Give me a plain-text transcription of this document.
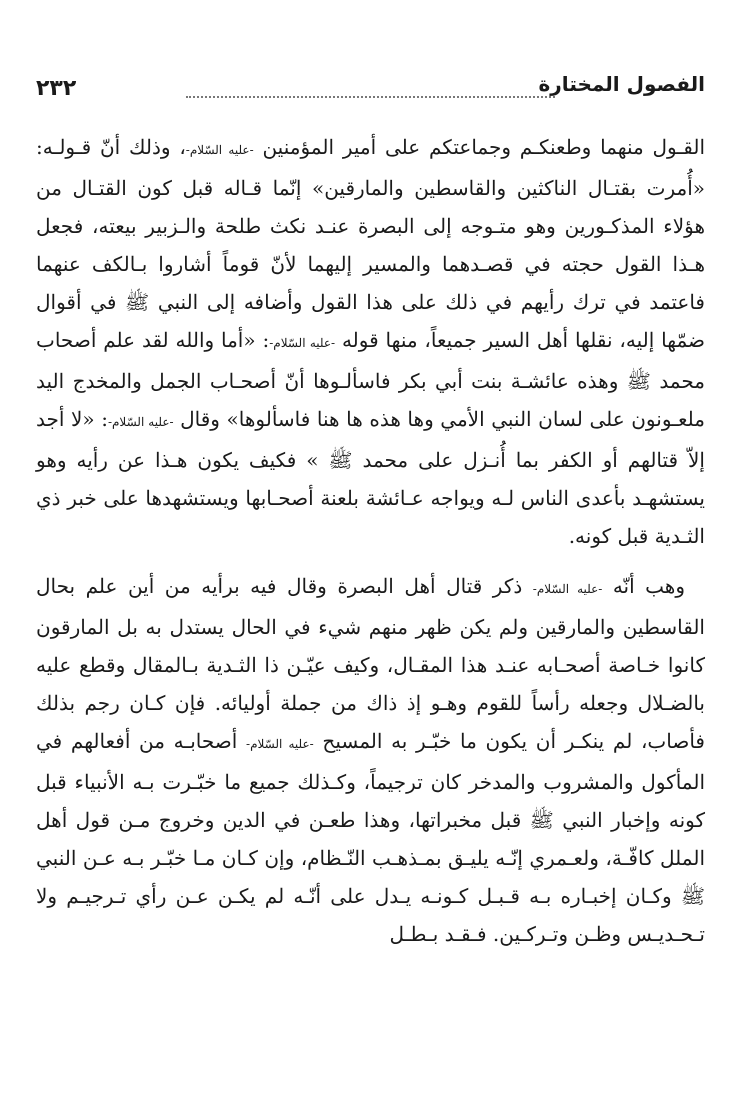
الفصول المختارة
٢٣٢

القـول منهما وطعنكـم وجماعتكم على أمير المؤمنين -عليه السّلام-، وذلك أنّ قـولـه: «أُمرت بقتـال الناكثين والقاسطين والمارقين» إنّما قـاله قبل كون القتـال من هؤلاء المذكـورين وهو متـوجه إلى البصرة عنـد نكث طلحة والـزبير بيعته، فجعل هـذا القول حجته في قصـدهما والمسير إليهما لأنّ قوماً أشاروا بـالكف عنهما فاعتمد في ترك رأيهم في ذلك على هذا القول وأضافه إلى النبي ﷺ في أقوال ضمّها إليه، نقلها أهل السير جميعاً، منها قوله -عليه السّلام-: «أما والله لقد علم أصحاب محمد ﷺ وهذه عائشـة بنت أبي بكر فاسألـوها أنّ أصحـاب الجمل والمخدج اليد ملعـونون على لسان النبي الأمي وها هذه ها هنا فاسألوها» وقال -عليه السّلام-: «لا أجد إلاّ قتالهم أو الكفر بما أُنـزل على محمد ﷺ » فكيف يكون هـذا عن رأيه وهو يستشهـد بأعدى الناس لـه ويواجه عـائشة بلعنة أصحـابها ويستشهدها على خبر ذي الثـدية قبل كونه.

وهب أنّه -عليه السّلام- ذكر قتال أهل البصرة وقال فيه برأيه من أين علم بحال القاسطين والمارقين ولم يكن ظهر منهم شيء في الحال يستدل به بل المارقون كانوا خـاصة أصحـابه عنـد هذا المقـال، وكيف عيّـن ذا الثـدية بـالمقال وقطع عليه بالضـلال وجعله رأساً للقوم وهـو إذ ذاك من جملة أوليائه. فإن كـان رجم بذلك فأصاب، لم ينكـر أن يكون ما خبّـر به المسيح -عليه السّلام- أصحابـه من أفعالهم في المأكول والمشروب والمدخر كان ترجيماً، وكـذلك جميع ما خبّـرت بـه الأنبياء قبل كونه وإخبار النبي ﷺ قبل مخبراتها، وهذا طعـن في الدين وخروج مـن قول أهل الملل كافّـة، ولعـمري إنّـه يليـق بمـذهـب النّـظام، وإن كـان مـا خبّـر بـه عـن النبي ﷺ وكـان إخبـاره بـه قـبـل كـونـه يـدل على أنّـه لم يكـن عـن رأي تـرجيـم ولا تـحـديـس وظـن وتـركـين. فـقـد بـطـل
